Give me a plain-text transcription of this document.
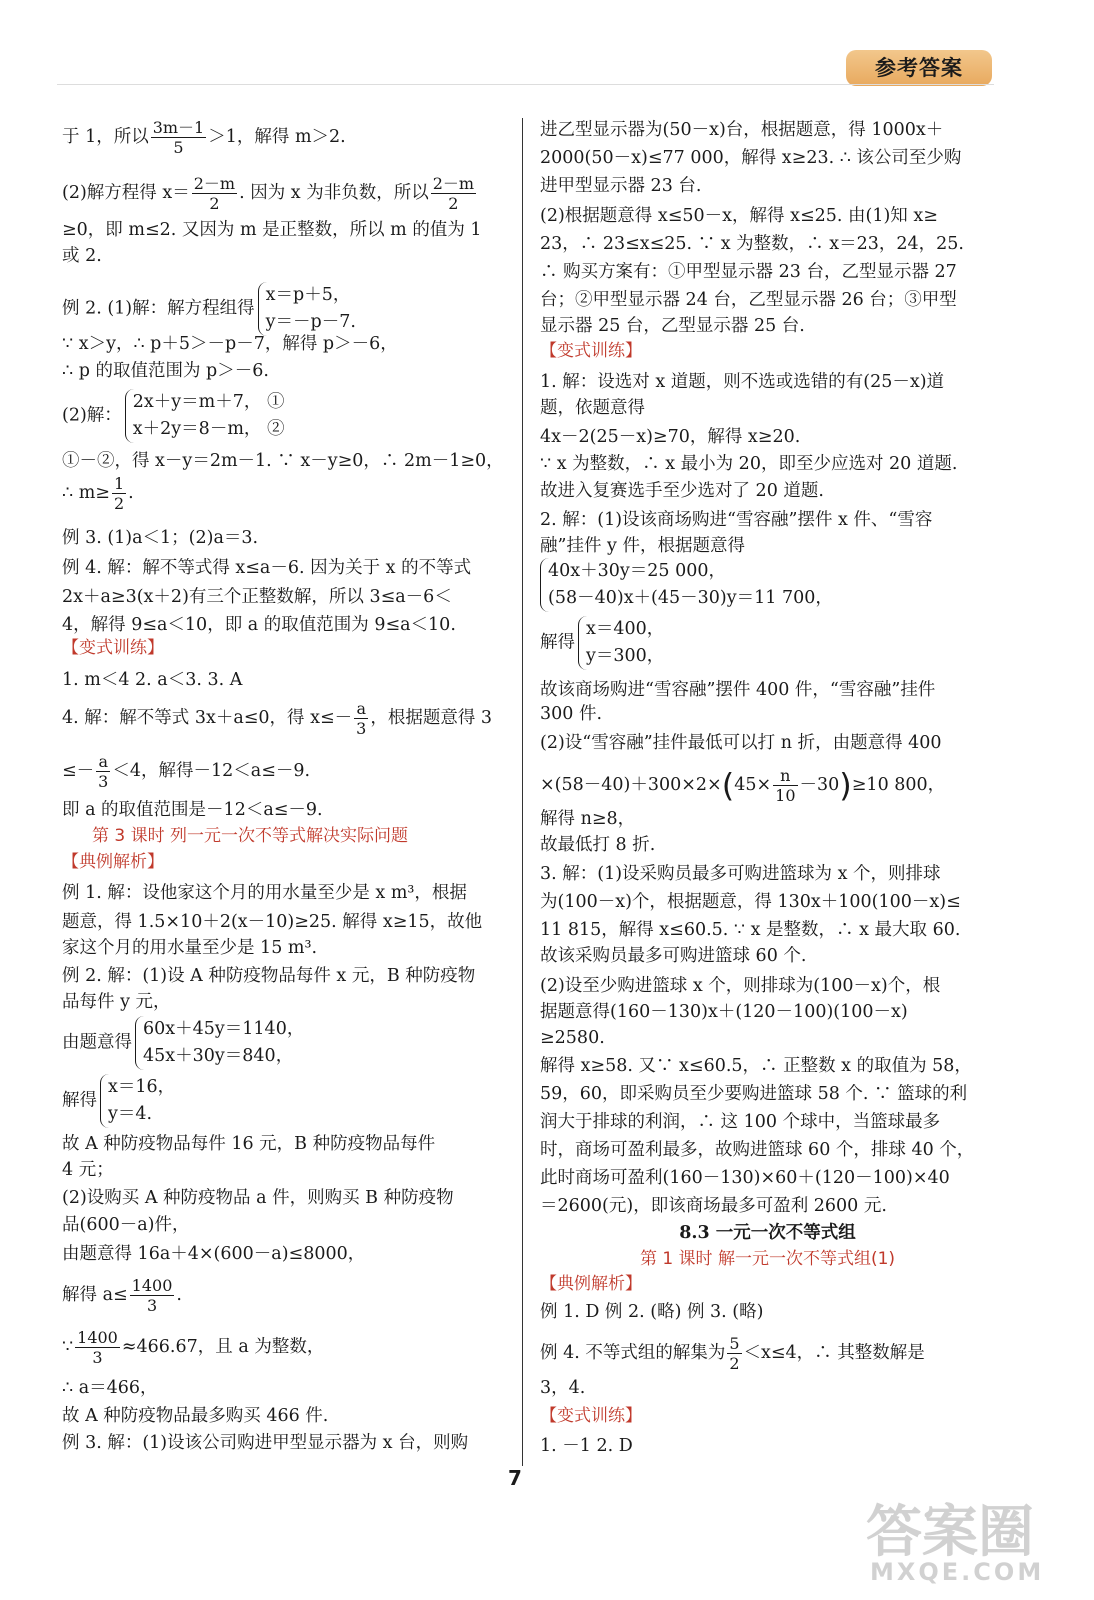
参考答案
于 1，所以 $\frac{3m-1}{5} >1$，解得 m＞2.
(2)解方程得 $x= \frac{2-m}{2}$ . 因为 x 为非负数，所以 $\frac{2-m}{2}$
≥0，即 m≤2. 又因为 m 是正整数，所以 m 的值为 1
或 2.
例 2. (1)解：解方程组得
x＝p＋5，
y＝－p－7.
∵ x＞y，∴ p＋5＞－p－7，解得 p＞－6，
∴ p 的取值范围为 p＞－6.
(2)解：
2x＋y＝m＋7， ①
x＋2y＝8－m， ②
①－②，得 x－y＝2m－1. ∵ x－y≥0，∴ 2m－1≥0，
∴ $m\ge \frac{1}{2}$ .
例 3. (1)a＜1；(2)a＝3.
例 4. 解：解不等式得 x≤a－6. 因为关于 x 的不等式
2x＋a≥3(x＋2)有三个正整数解，所以 3≤a－6＜
【变式训练】
4，解得 9≤a＜10，即 a 的取值范围为 9≤a＜10.
1. m＜4 2. a＜3. 3. A
4. 解：解不等式 3x＋a≤0，得 $x\le- \frac{a}{3}$ ，根据题意得 3
≤－ $\frac{a}{3} <4$，解得－12＜a≤－9.
即 a 的取值范围是－12＜a≤－9.
第 3 课时 列一元一次不等式解决实际问题
【典例解析】
例 1. 解：设他家这个月的用水量至少是 x m³，根据
题意，得 1.5×10＋2(x－10)≥25. 解得 x≥15，故他
家这个月的用水量至少是 15 m³.
例 2. 解：(1)设 A 种防疫物品每件 x 元，B 种防疫物
品每件 y 元，
由题意得
60x＋45y＝1140，
45x＋30y＝840，
解得
x＝16，
y＝4.
故 A 种防疫物品每件 16 元，B 种防疫物品每件
4 元；
(2)设购买 A 种防疫物品 a 件，则购买 B 种防疫物
品(600－a)件，
由题意得 16a＋4×(600－a)≤8000，
解得 $a\le \frac{1400}{3}$ .
∵ $\frac{1400}{3} \approx 466.67$，且 a 为整数，
∴ a＝466，
故 A 种防疫物品最多购买 466 件.
例 3. 解：(1)设该公司购进甲型显示器为 x 台，则购
进乙型显示器为(50－x)台，根据题意，得 1000x＋
2000(50－x)≤77 000，解得 x≥23. ∴ 该公司至少购
进甲型显示器 23 台.
(2)根据题意得 x≤50－x，解得 x≤25. 由(1)知 x≥
23，∴ 23≤x≤25. ∵ x 为整数，∴ x＝23，24，25.
∴ 购买方案有：①甲型显示器 23 台，乙型显示器 27
台；②甲型显示器 24 台，乙型显示器 26 台；③甲型
显示器 25 台，乙型显示器 25 台.
【变式训练】
1. 解：设选对 x 道题，则不选或选错的有(25－x)道
题，依题意得
4x－2(25－x)≥70，解得 x≥20.
∵ x 为整数，∴ x 最小为 20，即至少应选对 20 道题.
故进入复赛选手至少选对了 20 道题.
2. 解：(1)设该商场购进“雪容融”摆件 x 件、“雪容
融”挂件 y 件，根据题意得
40x＋30y＝25 000，
(58－40)x＋(45－30)y＝11 700，
解得
x＝400，
y＝300，
故该商场购进“雪容融”摆件 400 件，“雪容融”挂件
300 件.
(2)设“雪容融”挂件最低可以打 n 折，由题意得 400
$\times(58-40)+300\times 2\times(45\times \frac{n}{10} -30)\ge 10$ 800，
解得 n≥8，
故最低打 8 折.
3. 解：(1)设采购员最多可购进篮球为 x 个，则排球
为(100－x)个，根据题意，得 130x＋100(100－x)≤
11 815，解得 x≤60.5. ∵ x 是整数，∴ x 最大取 60.
故该采购员最多可购进篮球 60 个.
(2)设至少购进篮球 x 个，则排球为(100－x)个，根
据题意得(160－130)x＋(120－100)(100－x)
≥2580.
解得 x≥58. 又∵ x≤60.5，∴ 正整数 x 的取值为 58，
59，60，即采购员至少要购进篮球 58 个. ∵ 篮球的利
润大于排球的利润，∴ 这 100 个球中，当篮球最多
时，商场可盈利最多，故购进篮球 60 个，排球 40 个，
此时商场可盈利(160－130)×60＋(120－100)×40
＝2600(元)，即该商场最多可盈利 2600 元.
8.3 一元一次不等式组
第 1 课时 解一元一次不等式组(1)
【典例解析】
例 1. D 例 2. (略) 例 3. (略)
例 4. 不等式组的解集为 $\frac{5}{2} <x\le 4$，∴ 其整数解是
3，4.
【变式训练】
1. －1 2. D
7
答案圈
MXQE.COM
